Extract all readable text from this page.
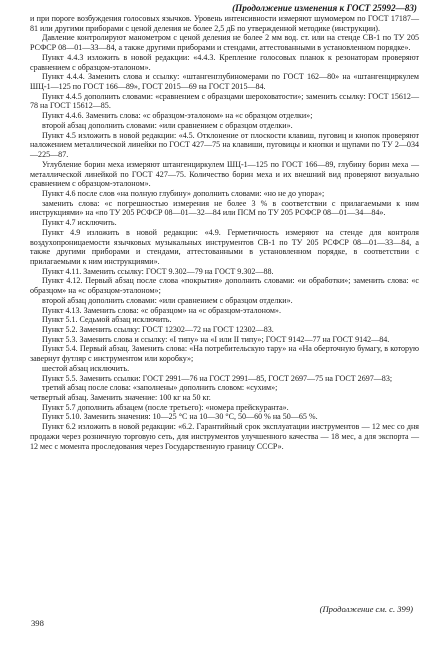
(Продолжение изменения к ГОСТ 25992—83)

и при пороге возбуждения голосовых язычков. Уровень интенсивности измеряют шумомером по ГОСТ 17187—81 или другими приборами с ценой деления не более 2,5 дБ по утвержденной методике (инструкции).

Давление контролируют манометром с ценой деления не более 2 мм вод. ст. или на стенде СВ-1 по ТУ 205 РСФСР 08—01—33—84, а также другими приборами и стендами, аттестованными в установленном порядке».

Пункт 4.4.3 изложить в новой редакции: «4.4.3. Крепление голосовых планок к резонаторам проверяют сравнением с образцом-эталоном».

Пункт 4.4.4. Заменить слова и ссылку: «штангенглубиномерами по ГОСТ 162—80» на «штангенциркулем ШЦ-1—125 по ГОСТ 166—89», ГОСТ 2015—69 на ГОСТ 2015—84.

Пункт 4.4.5 дополнить словами: «сравнением с образцами шероховатости»; заменить ссылку: ГОСТ 15612—78 на ГОСТ 15612—85.

Пункт 4.4.6. Заменить слова: «с образцом-эталоном» на «с образцом отделки»;

второй абзац дополнить словами: «или сравнением с образцом отделки».

Пункт 4.5 изложить в новой редакции: «4.5. Отклонение от плоскости клавиш, пуговиц и кнопок проверяют наложением металлической линейки по ГОСТ 427—75 на клавиши, пуговицы и кнопки и щупами по ТУ 2—034—225—87.

Углубление борин меха измеряют штангенциркулем ШЦ-1—125 по ГОСТ 166—89, глубину борин меха — металлической линейкой по ГОСТ 427—75. Количество борин меха и их внешний вид проверяют визуально сравнением с образцом-эталоном».

Пункт 4.6 после слов «на полную глубину» дополнить словами: «но не до упора»;

заменить слова: «с погрешностью измерения не более 3 % в соответствии с прилагаемыми к ним инструкциями» на «по ТУ 205 РСФСР 08—01—32—84 или ПСМ по ТУ 205 РСФСР 08—01—34—84».

Пункт 4.7 исключить.

Пункт 4.9 изложить в новой редакции: «4.9. Герметичность измеряют на стенде для контроля воздухопроницаемости язычковых музыкальных инструментов СВ-1 по ТУ 205 РСФСР 08—01—33—84, а также другими приборами и стендами, аттестованными в установленном порядке, в соответствии с прилагаемыми к ним инструкциями».

Пункт 4.11. Заменить ссылку: ГОСТ 9.302—79 на ГОСТ 9.302—88.

Пункт 4.12. Первый абзац после слова «покрытия» дополнить словами: «и обработки»; заменить слова: «с образцом» на «с образцом-эталоном»;

второй абзац дополнить словами: «или сравнением с образцом отделки».

Пункт 4.13. Заменить слова: «с образцом» на «с образцом-эталоном».

Пункт 5.1. Седьмой абзац исключить.

Пункт 5.2. Заменить ссылку: ГОСТ 12302—72 на ГОСТ 12302—83.

Пункт 5.3. Заменить слова и ссылку: «I типу» на «I или II типу»; ГОСТ 9142—77 на ГОСТ 9142—84.

Пункт 5.4. Первый абзац. Заменить слова: «На потребительскую тару» на «На оберточную бумагу, в которую завернут футляр с инструментом или коробку»;

шестой абзац исключить.

Пункт 5.5. Заменить ссылки: ГОСТ 2991—76 на ГОСТ 2991—85, ГОСТ 2697—75 на ГОСТ 2697—83;

третий абзац после слова: «заполнены» дополнить словом: «сухим»;

четвертый абзац. Заменить значение: 100 кг на 50 кг.

Пункт 5.7 дополнить абзацем (после третьего): «номера прейскуранта».

Пункт 5.10. Заменить значения: 10—25 °С на 10—30 °С, 50—60 % на 50—65 %.

Пункт 6.2 изложить в новой редакции: «6.2. Гарантийный срок эксплуатации инструментов — 12 мес со дня продажи через розничную торговую сеть, для инструментов улучшенного качества — 18 мес, а для экспорта — 12 мес с момента проследования через Государственную границу СССР».

(Продолжение см. с. 399)
398
